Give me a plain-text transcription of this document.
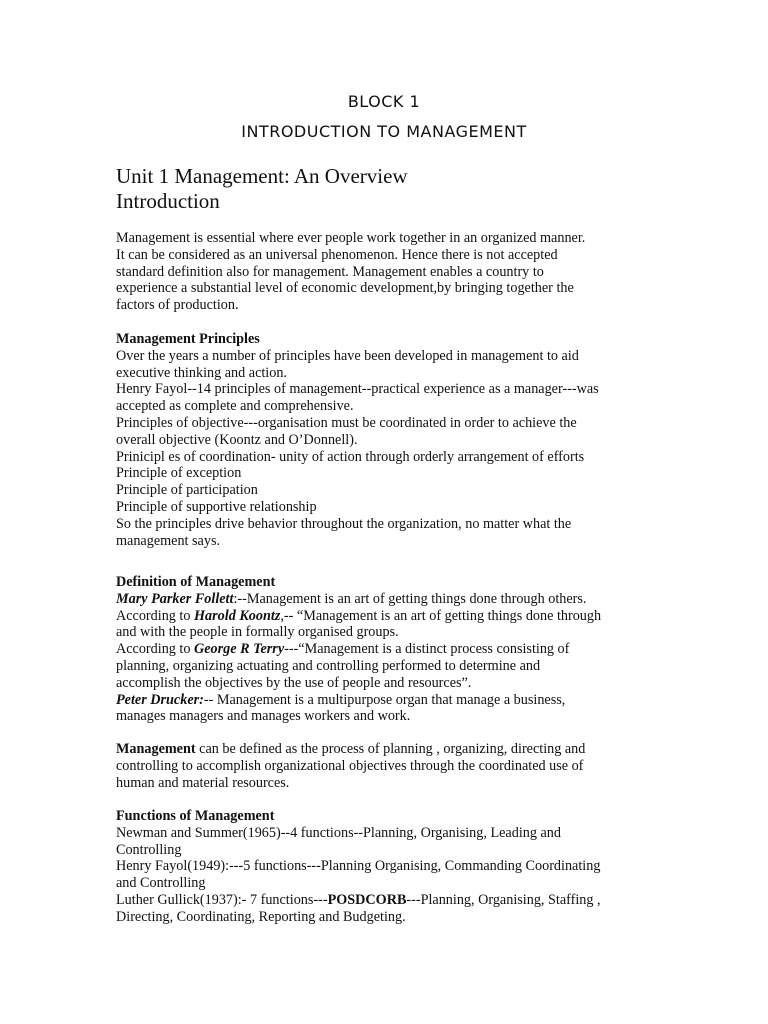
BLOCK 1
INTRODUCTION TO MANAGEMENT
Unit 1 Management: An Overview
Introduction
Management is essential where ever people work together in an organized manner.
It can be considered as an universal phenomenon. Hence there is not accepted
standard definition also for management. Management enables a country to
experience a substantial level of economic development,by bringing together the
factors of production.
Management Principles
Over the years a number of principles have been developed in management to aid
executive thinking and action.
Henry Fayol--14 principles of management--practical experience as a manager---was
accepted as complete and comprehensive.
Principles of objective---organisation must be coordinated in order to achieve the
overall objective (Koontz and O’Donnell).
Prinicipl es of coordination- unity of action through orderly arrangement of efforts
Principle of exception
Principle of participation
Principle of supportive relationship
So the principles drive behavior throughout the organization, no matter what the
management says.
Definition of Management
Mary Parker Follett:--Management is an art of getting things done through others.
According to Harold Koontz,-- “Management is an art of getting things done through
and with the people in formally organised groups.
According to George R Terry---“Management is a distinct process consisting of
planning, organizing actuating and controlling performed to determine and
accomplish the objectives by the use of people and resources”.
Peter Drucker:-- Management is a multipurpose organ that manage a business,
manages managers and manages workers and work.
Management can be defined as the process of planning , organizing, directing and
controlling to accomplish organizational objectives through the coordinated use of
human and material resources.
Functions of Management
Newman and Summer(1965)--4 functions--Planning, Organising, Leading and
Controlling
Henry Fayol(1949):---5 functions---Planning Organising, Commanding Coordinating
and Controlling
Luther Gullick(1937):- 7 functions---POSDCORB---Planning, Organising, Staffing ,
Directing, Coordinating, Reporting and Budgeting.
